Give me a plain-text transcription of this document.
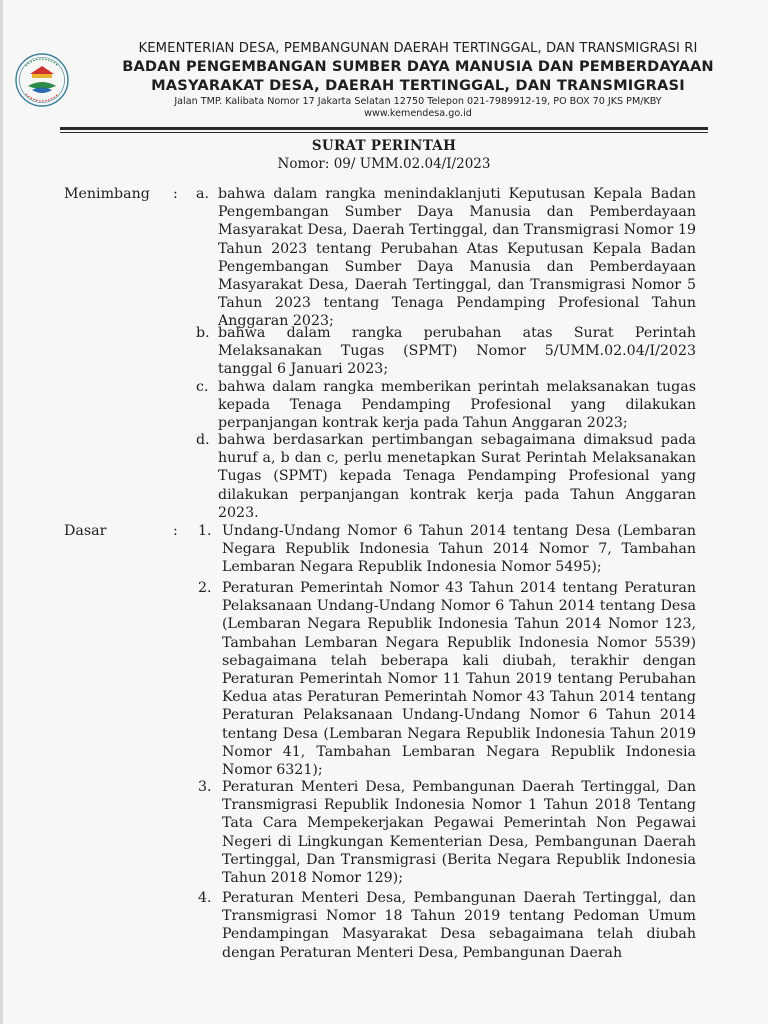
KEMENTERIAN DESA, PEMBANGUNAN DAERAH TERTINGGAL, DAN TRANSMIGRASI RI
BADAN PENGEMBANGAN SUMBER DAYA MANUSIA DAN PEMBERDAYAAN
MASYARAKAT DESA, DAERAH TERTINGGAL, DAN TRANSMIGRASI
Jalan TMP. Kalibata Nomor 17 Jakarta Selatan 12750 Telepon 021-7989912-19, PO BOX 70 JKS PM/KBY
www.kemendesa.go.id
SURAT PERINTAH
Nomor: 09/ UMM.02.04/I/2023
Menimbang : a. bahwa dalam rangka menindaklanjuti Keputusan Kepala Badan Pengembangan Sumber Daya Manusia dan Pemberdayaan Masyarakat Desa, Daerah Tertinggal, dan Transmigrasi Nomor 19 Tahun 2023 tentang Perubahan Atas Keputusan Kepala Badan Pengembangan Sumber Daya Manusia dan Pemberdayaan Masyarakat Desa, Daerah Tertinggal, dan Transmigrasi Nomor 5 Tahun 2023 tentang Tenaga Pendamping Profesional Tahun Anggaran 2023;
b. bahwa dalam rangka perubahan atas Surat Perintah Melaksanakan Tugas (SPMT) Nomor 5/UMM.02.04/I/2023 tanggal 6 Januari 2023;
c. bahwa dalam rangka memberikan perintah melaksanakan tugas kepada Tenaga Pendamping Profesional yang dilakukan perpanjangan kontrak kerja pada Tahun Anggaran 2023;
d. bahwa berdasarkan pertimbangan sebagaimana dimaksud pada huruf a, b dan c, perlu menetapkan Surat Perintah Melaksanakan Tugas (SPMT) kepada Tenaga Pendamping Profesional yang dilakukan perpanjangan kontrak kerja pada Tahun Anggaran 2023.
Dasar	: 1. Undang-Undang Nomor 6 Tahun 2014 tentang Desa (Lembaran Negara Republik Indonesia Tahun 2014 Nomor 7, Tambahan Lembaran Negara Republik Indonesia Nomor 5495);
2. Peraturan Pemerintah Nomor 43 Tahun 2014 tentang Peraturan Pelaksanaan Undang-Undang Nomor 6 Tahun 2014 tentang Desa (Lembaran Negara Republik Indonesia Tahun 2014 Nomor 123, Tambahan Lembaran Negara Republik Indonesia Nomor 5539) sebagaimana telah beberapa kali diubah, terakhir dengan Peraturan Pemerintah Nomor 11 Tahun 2019 tentang Perubahan Kedua atas Peraturan Pemerintah Nomor 43 Tahun 2014 tentang Peraturan Pelaksanaan Undang-Undang Nomor 6 Tahun 2014 tentang Desa (Lembaran Negara Republik Indonesia Tahun 2019 Nomor 41, Tambahan Lembaran Negara Republik Indonesia Nomor 6321);
3. Peraturan Menteri Desa, Pembangunan Daerah Tertinggal, Dan Transmigrasi Republik Indonesia Nomor 1 Tahun 2018 Tentang Tata Cara Mempekerjakan Pegawai Pemerintah Non Pegawai Negeri di Lingkungan Kementerian Desa, Pembangunan Daerah Tertinggal, Dan Transmigrasi (Berita Negara Republik Indonesia Tahun 2018 Nomor 129);
4. Peraturan Menteri Desa, Pembangunan Daerah Tertinggal, dan Transmigrasi Nomor 18 Tahun 2019 tentang Pedoman Umum Pendampingan Masyarakat Desa sebagaimana telah diubah dengan Peraturan Menteri Desa, Pembangunan Daerah
